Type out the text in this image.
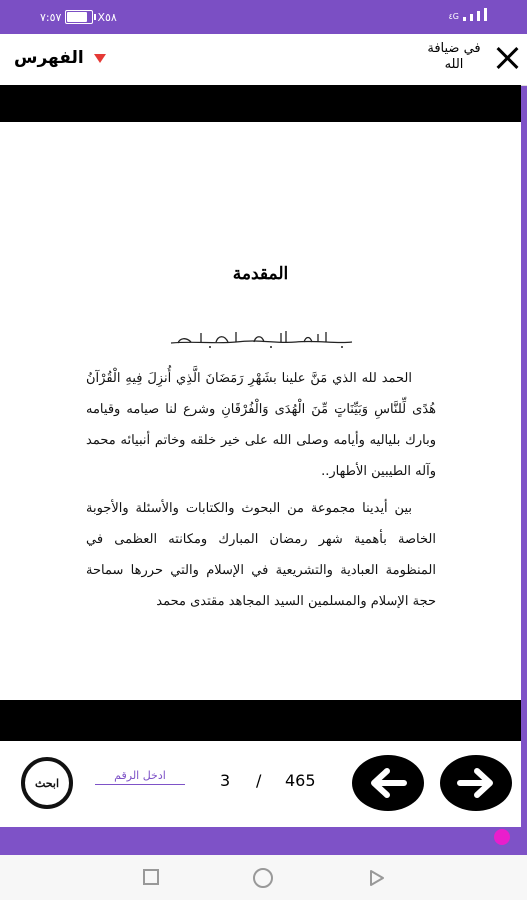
٧:٥٧	X٥٨	٤G
الفهرس	في ضيافة الله
المقدمة

الحمد لله الذي مَنَّ علينا بشَهْرِ رَمَضَانَ الَّذِي أُنزِلَ فِيهِ الْقُرْآنُ هُدًى لِّلنَّاسِ وَبَيِّنَاتٍ مِّنَ الْهُدَى وَالْفُرْقَانِ وشرع لنا صيامه وقيامه وبارك بلياليه وأيامه وصلى الله على خير خلقه وخاتم أنبيائه محمد وآله الطيبين الأطهار..

بين أيدينا مجموعة من البحوث والكتابات والأسئلة والأجوبة الخاصة بأهمية شهر رمضان المبارك ومكانته العظمى في المنظومة العبادية والتشريعية في الإسلام والتي حررها سماحة حجة الإسلام والمسلمين السيد المجاهد مقتدى محمد

ابحث
ادخل الرقم	3 / 465
